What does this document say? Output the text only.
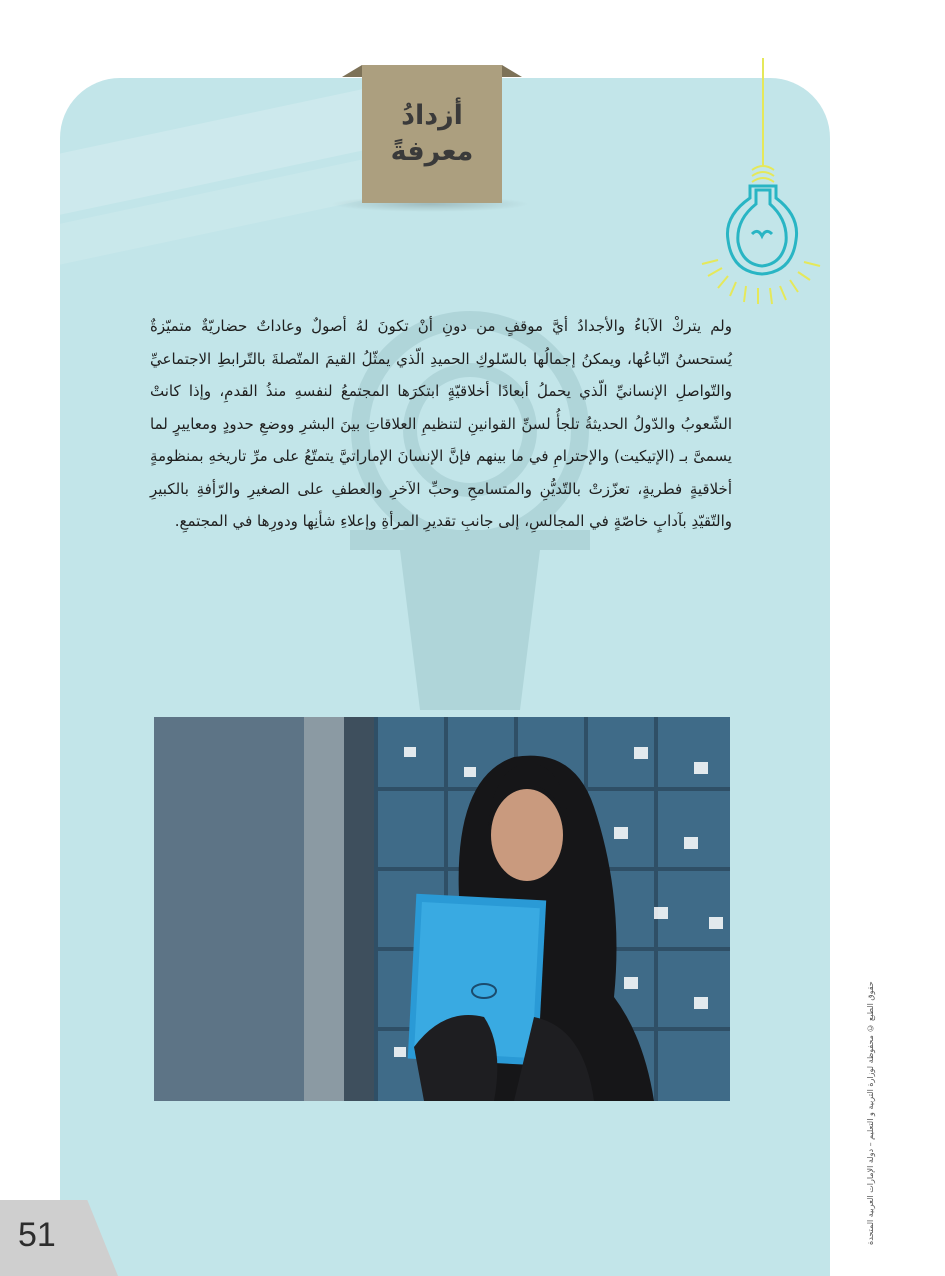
أزدادُ
معرفةً

ولم يتركْ الآباءُ والأجدادُ أيَّ موقفٍ من دونِ أنْ تكونَ لهُ أصولٌ وعاداتٌ حضاريّةٌ متميّزةٌ يُستحسنُ اتّباعُها، ويمكنُ إجمالُها بالسّلوكِ الحميدِ الّذي يمثّلُ القيمَ المتّصلةَ بالتّرابطِ الاجتماعيِّ والتّواصلِ الإنسانيِّ الّذي يحملُ أبعادًا أخلاقيّةٍ ابتكرَها المجتمعُ لنفسهِ منذُ القدمِ، وإذا كانتْ الشّعوبُ والدّولُ الحديثةُ تلجأُ لسنِّ القوانينِ لتنظيمِ العلاقاتِ بينَ البشرِ ووضعِ حدودٍ ومعاييرٍ لما يسمىَّ بـ (الإتيكيت) والإحترامِ في ما بينهم فإنَّ الإنسانَ الإماراتيَّ يتمتّعُ على مرِّ تاريخهِ بمنظومةٍ أخلاقيةٍ فطريةٍ، تعزّزتْ بالتّديُّنِ والمتسامحِ وحبِّ الآخرِ والعطفِ على الصغيرِ والرّأفةِ بالكبيرِ والتّقيّدِ بآدابٍ خاصّةٍ في المجالسِ، إلى جانبِ تقديرِ المرأةِ وإعلاءِ شأنِها ودورِها في المجتمعِ.

حقوق الطبع © محفوظة لوزارة التربية و التعليم – دولة الإمارات العربية المتحدة
51
